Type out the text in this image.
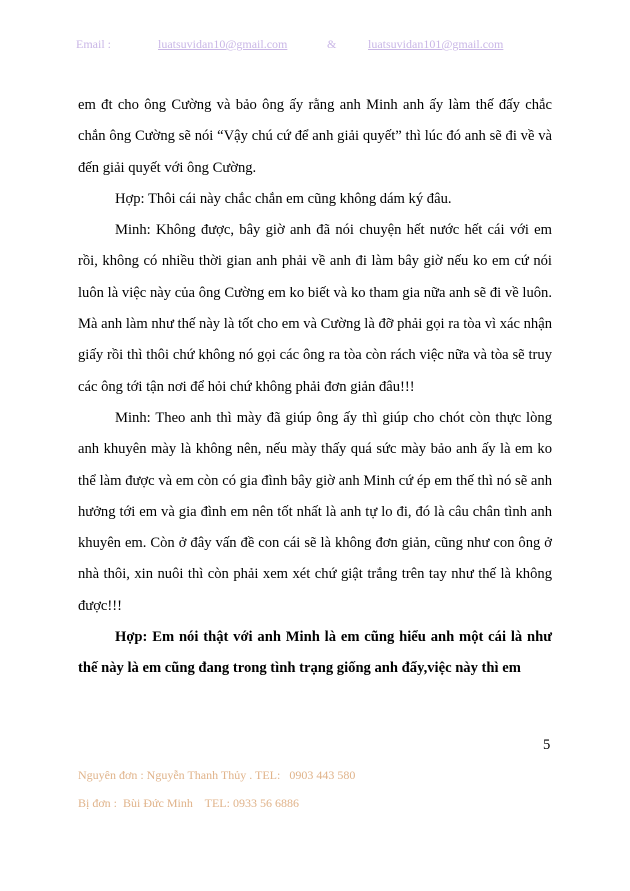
Email :	luatsuvidan10@gmail.com	&	luatsuvidan101@gmail.com

em đt cho ông Cường và bảo ông ấy rằng anh Minh anh ấy làm thế đấy chắc chắn ông Cường sẽ nói “Vậy chú cứ để anh giải quyết” thì lúc đó anh sẽ đi về và đến giải quyết với ông Cường.

Hợp: Thôi cái này chắc chắn em cũng không dám ký đâu.

Minh: Không được, bây giờ anh đã nói chuyện hết nước hết cái với em rồi, không có nhiều thời gian anh phải về anh đi làm bây giờ nếu ko em cứ nói luôn là việc này của ông Cường em ko biết và ko tham gia nữa anh sẽ đi về luôn. Mà anh làm như thế này là tốt cho em và Cường là đỡ phải gọi ra tòa vì xác nhận giấy rồi thì thôi chứ không nó gọi các ông ra tòa còn rách việc nữa và tòa sẽ truy các ông tới tận nơi để hỏi chứ không phải đơn giản đâu!!!

Minh: Theo anh thì mày đã giúp ông ấy thì giúp cho chót còn thực lòng anh khuyên mày là không nên, nếu mày thấy quá sức mày bảo anh ấy là em ko thể làm được và em còn có gia đình bây giờ anh Minh cứ ép em thế thì nó sẽ anh hưởng tới em và gia đình em nên tốt nhất là anh tự lo đi, đó là câu chân tình anh khuyên em. Còn ở đây vấn đề con cái sẽ là không đơn giản, cũng như con ông ở nhà thôi, xin nuôi thì còn phải xem xét chứ giật trắng trên tay như thế là không được!!!

Hợp: Em nói thật với anh Minh là em cũng hiểu anh một cái là như thế này là em cũng đang trong tình trạng giống anh đấy,việc này thì em

5
Nguyên đơn : Nguyễn Thanh Thủy . TEL:   0903 443 580
Bị đơn :  Bùi Đức Minh    TEL: 0933 56 6886
